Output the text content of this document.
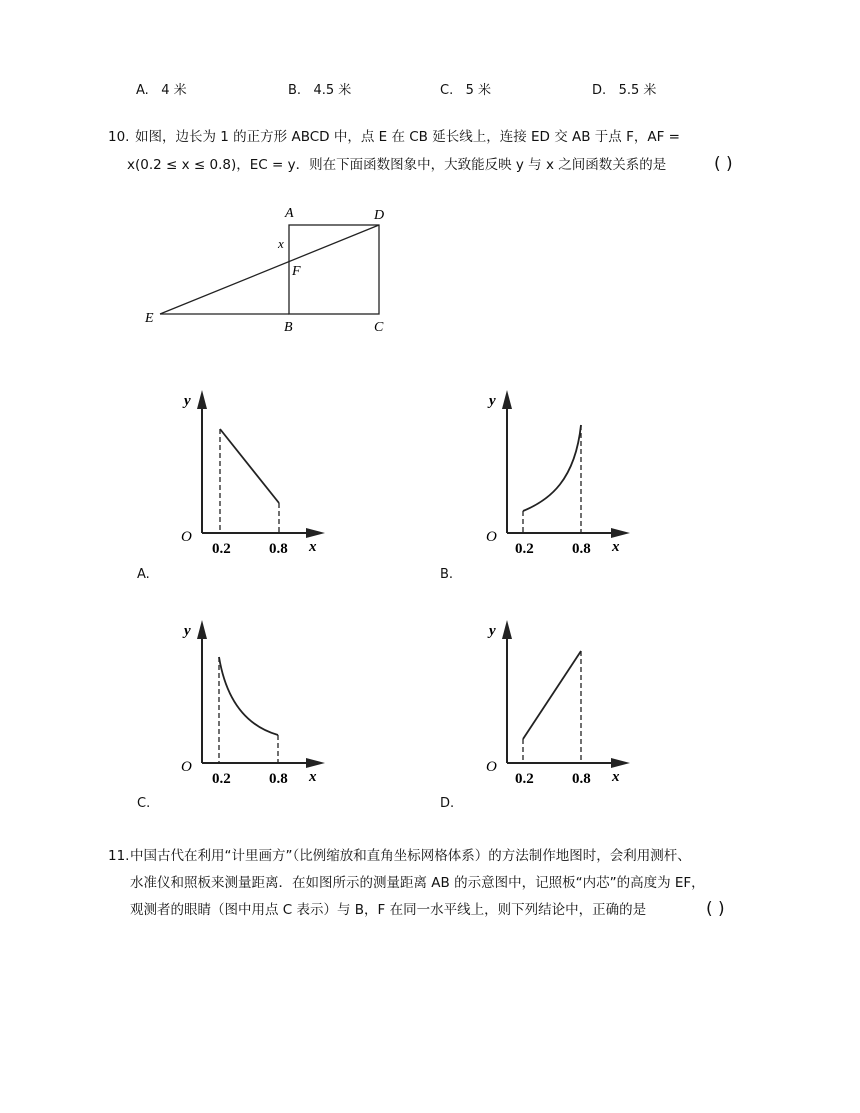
A. 4 米	B. 4.5 米	C. 5 米	D. 5.5 米
10. 如图，边长为 1 的正方形 ABCD 中，点 E 在 CB 延长线上，连接 ED 交 AB 于点 F，AF =
x(0.2 ≤ x ≤ 0.8)，EC = y．则在下面函数图象中，大致能反映 y 与 x 之间函数关系的是	( )
A	D
x
F
E
B	C
y
O
0.2	0.8 x
A.
y
O
0.2	0.8 x
B.
y
O
0.2	0.8 x
C.
y
O
0.2	0.8 x
D.
11. 中国古代在利用“计里画方”（比例缩放和直角坐标网格体系）的方法制作地图时，会利用测杆、
水准仪和照板来测量距离．在如图所示的测量距离 AB 的示意图中，记照板“内芯”的高度为 EF，
观测者的眼睛（图中用点 C 表示）与 B，F 在同一水平线上，则下列结论中，正确的是	( )
